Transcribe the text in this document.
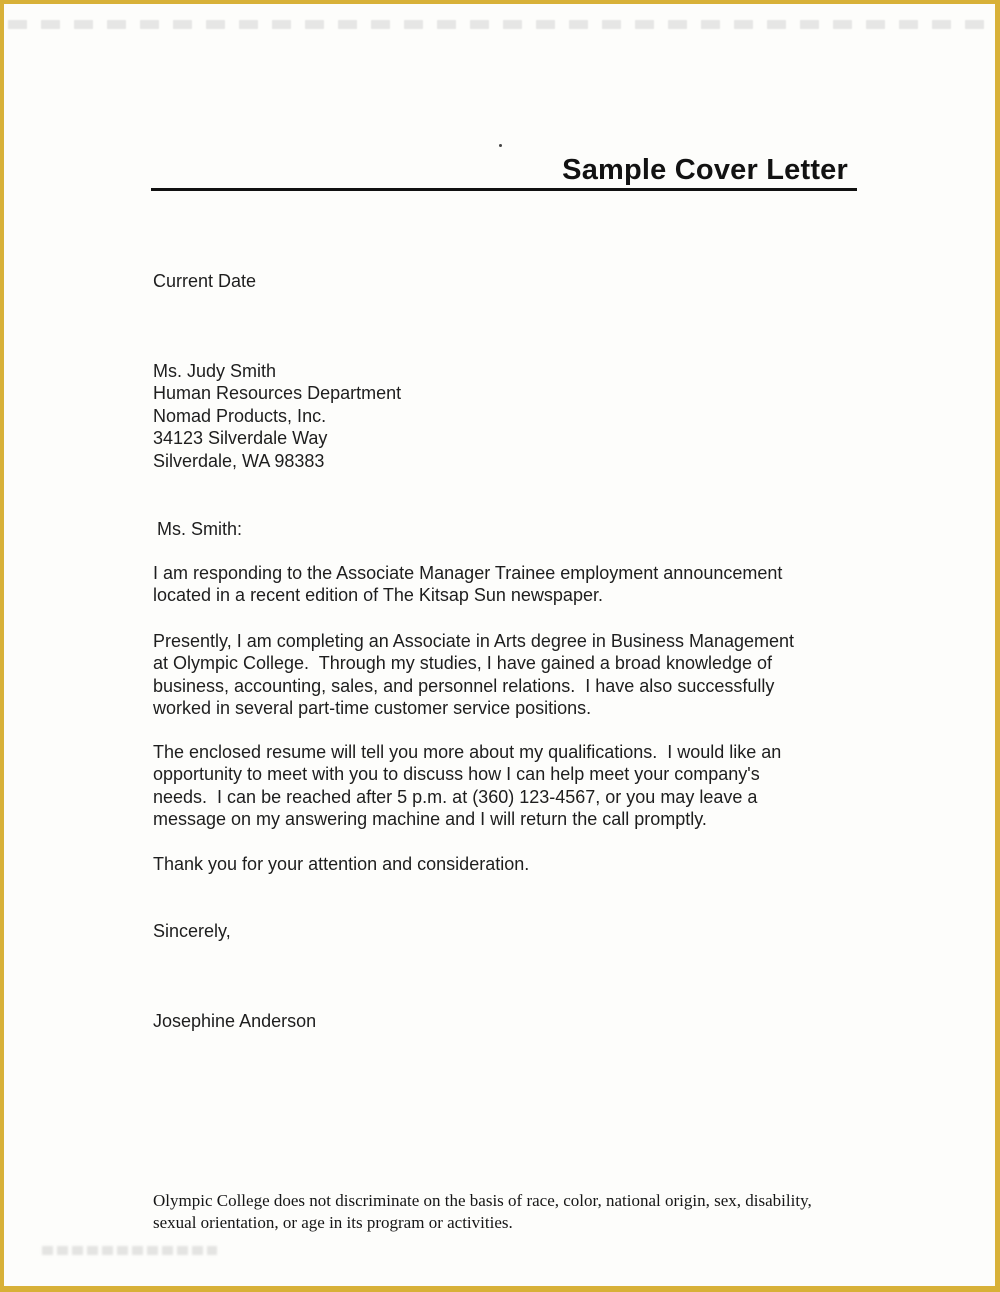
Sample Cover Letter
Current Date
Ms. Judy Smith
Human Resources Department
Nomad Products, Inc.
34123 Silverdale Way
Silverdale, WA 98383
Ms. Smith:
I am responding to the Associate Manager Trainee employment announcement
located in a recent edition of The Kitsap Sun newspaper.
Presently, I am completing an Associate in Arts degree in Business Management
at Olympic College.  Through my studies, I have gained a broad knowledge of
business, accounting, sales, and personnel relations.  I have also successfully
worked in several part-time customer service positions.
The enclosed resume will tell you more about my qualifications.  I would like an
opportunity to meet with you to discuss how I can help meet your company's
needs.  I can be reached after 5 p.m. at (360) 123-4567, or you may leave a
message on my answering machine and I will return the call promptly.
Thank you for your attention and consideration.
Sincerely,
Josephine Anderson
Olympic College does not discriminate on the basis of race, color, national origin, sex, disability,
sexual orientation, or age in its program or activities.
